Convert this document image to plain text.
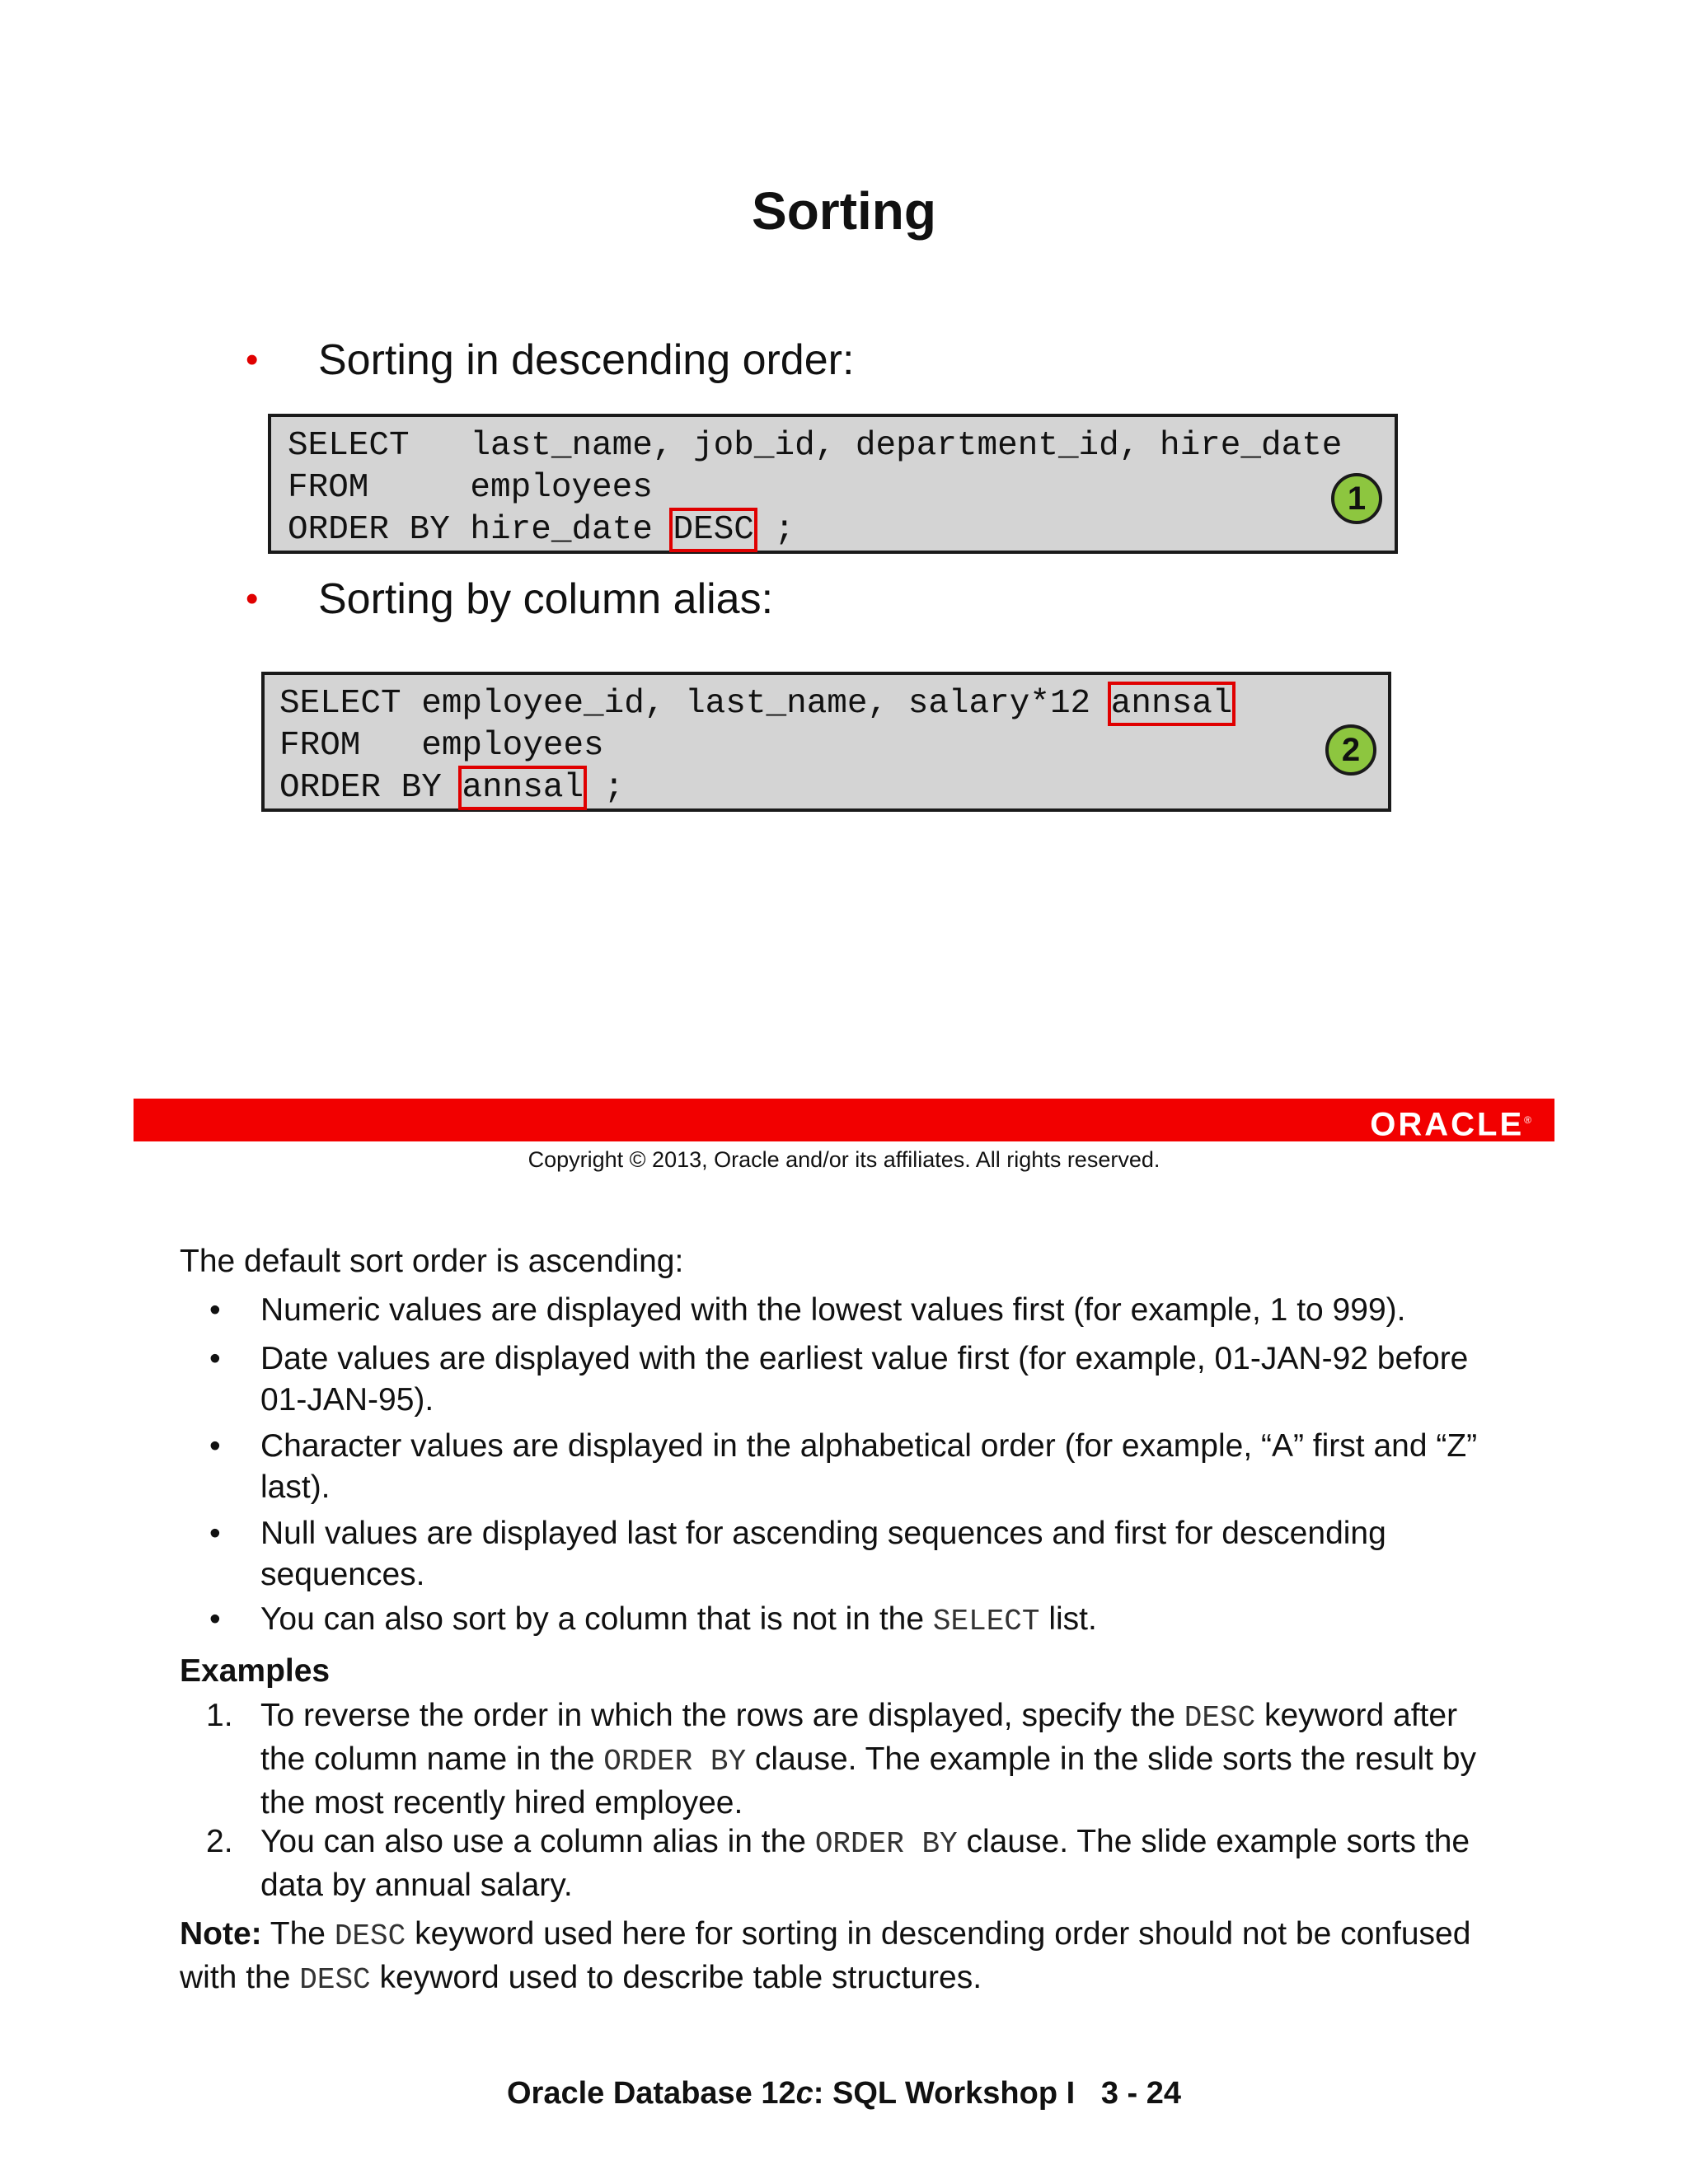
Sorting
• Sorting in descending order:
SELECT   last_name, job_id, department_id, hire_date
FROM     employees
ORDER BY hire_date DESC ;
1
• Sorting by column alias:
SELECT employee_id, last_name, salary*12 annsal
FROM   employees
ORDER BY annsal ;
2
ORACLE®
Copyright © 2013, Oracle and/or its affiliates. All rights reserved.
The default sort order is ascending:
• Numeric values are displayed with the lowest values first (for example, 1 to 999).
• Date values are displayed with the earliest value first (for example, 01-JAN-92 before
01-JAN-95).
• Character values are displayed in the alphabetical order (for example, “A” first and “Z”
last).
• Null values are displayed last for ascending sequences and first for descending
sequences.
• You can also sort by a column that is not in the SELECT list.
Examples
1. To reverse the order in which the rows are displayed, specify the DESC keyword after
the column name in the ORDER BY clause. The example in the slide sorts the result by
the most recently hired employee.
2. You can also use a column alias in the ORDER BY clause. The slide example sorts the
data by annual salary.
Note: The DESC keyword used here for sorting in descending order should not be confused
with the DESC keyword used to describe table structures.
Oracle Database 12c: SQL Workshop I   3 - 24
